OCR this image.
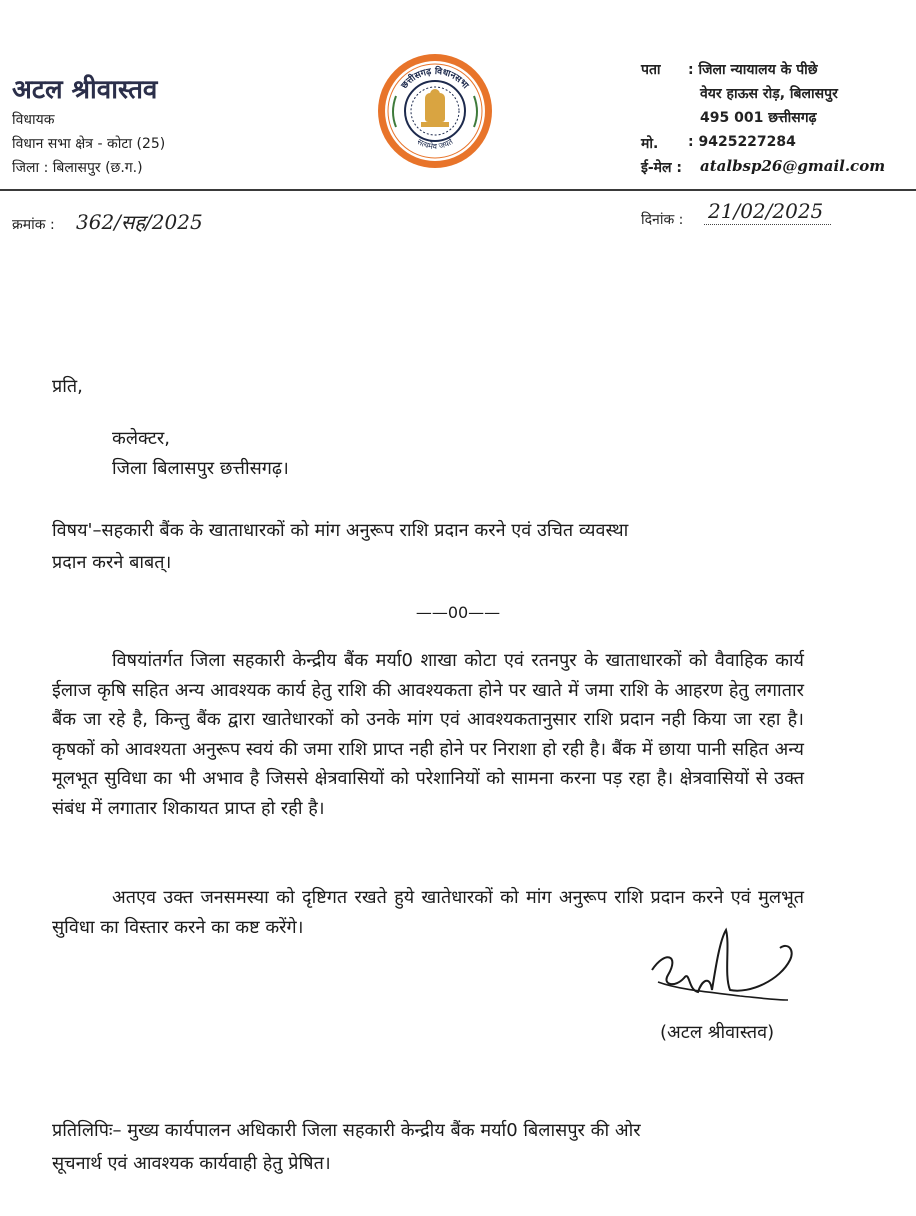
अटल श्रीवास्तव
विधायक
विधान सभा क्षेत्र - कोटा (25)
जिला : बिलासपुर (छ.ग.)
छत्तीसगढ़ विधानसभा
सत्यमेव जयते
पता : जिला न्यायालय के पीछे
वेयर हाऊस रोड़, बिलासपुर
495 001 छत्तीसगढ़
मो. : 9425227284
ई-मेल : atalbsp26@gmail.com
क्रमांक : 362/सह/2025	दिनांक : 21/02/2025
प्रति,
कलेक्टर,
जिला बिलासपुर छत्तीसगढ़।
विषय'–सहकारी बैंक के खाताधारकों को मांग अनुरूप राशि प्रदान करने एवं उचित व्यवस्था
प्रदान करने बाबत्।
——00——
विषयांतर्गत जिला सहकारी केन्द्रीय बैंक मर्या0 शाखा कोटा एवं रतनपुर के खाताधारकों को वैवाहिक कार्य ईलाज कृषि सहित अन्य आवश्यक कार्य हेतु राशि की आवश्यकता होने पर खाते में जमा राशि के आहरण हेतु लगातार बैंक जा रहे है, किन्तु बैंक द्वारा खातेधारकों को उनके मांग एवं आवश्यकतानुसार राशि प्रदान नही किया जा रहा है। कृषकों को आवश्यता अनुरूप स्वयं की जमा राशि प्राप्त नही होने पर निराशा हो रही है। बैंक में छाया पानी सहित अन्य मूलभूत सुविधा का भी अभाव है जिससे क्षेत्रवासियों को परेशानियों को सामना करना पड़ रहा है। क्षेत्रवासियों से उक्त संबंध में लगातार शिकायत प्राप्त हो रही है।
अतएव उक्त जनसमस्या को दृष्टिगत रखते हुये खातेधारकों को मांग अनुरूप राशि प्रदान करने एवं मुलभूत सुविधा का विस्तार करने का कष्ट करेंगे।
(अटल श्रीवास्तव)
प्रतिलिपिः– मुख्य कार्यपालन अधिकारी जिला सहकारी केन्द्रीय बैंक मर्या0 बिलासपुर की ओर
सूचनार्थ एवं आवश्यक कार्यवाही हेतु प्रेषित।
